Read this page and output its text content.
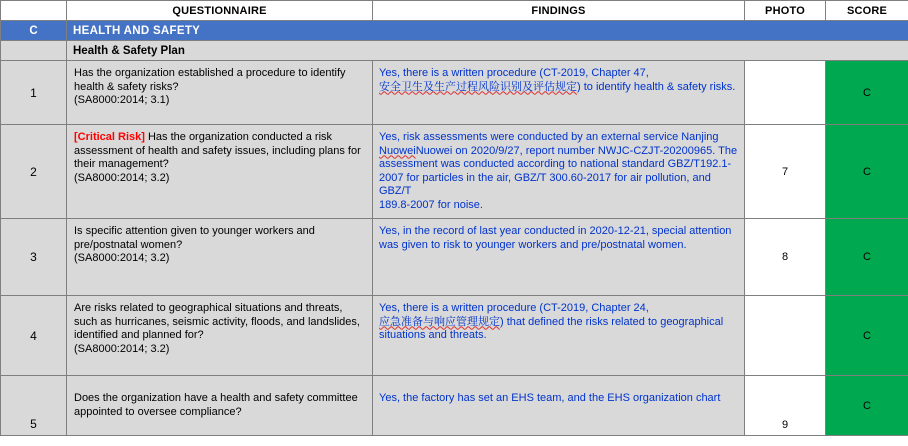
	QUESTIONNAIRE	FINDINGS	PHOTO	SCORE
C	HEALTH AND SAFETY			
	Health & Safety Plan			
1	Has the organization established a procedure to identify
health & safety risks?
(SA8000:2014; 3.1)	Yes, there is a written procedure (CT-2019, Chapter 47,
安全卫生及生产过程风险识别及评估规定) to identify health & safety risks.		C
2	[Critical Risk] Has the organization conducted a risk
assessment of health and safety issues, including plans for
their management?
(SA8000:2014; 3.2)	Yes, risk assessments were conducted by an external service Nanjing
NuoweiNuowei on 2020/9/27, report number NWJC-CZJT-20200965. The
assessment was conducted according to national standard GBZ/T192.1-
2007 for particles in the air, GBZ/T 300.60-2017 for air pollution, and GBZ/T
189.8-2007 for noise.	7	C
3	Is specific attention given to younger workers and
pre/postnatal women?
(SA8000:2014; 3.2)	Yes, in the record of last year conducted in 2020-12-21, special attention
was given to risk to younger workers and pre/postnatal women.	8	C
4	Are risks related to geographical situations and threats,
such as hurricanes, seismic activity, floods, and landslides,
identified and planned for?
(SA8000:2014; 3.2)	Yes, there is a written procedure (CT-2019, Chapter 24,
应急准备与响应管理规定) that defined the risks related to geographical situations and threats.		C
5	Does the organization have a health and safety committee
appointed to oversee compliance?	Yes, the factory has set an EHS team, and the EHS organization chart	9	C
